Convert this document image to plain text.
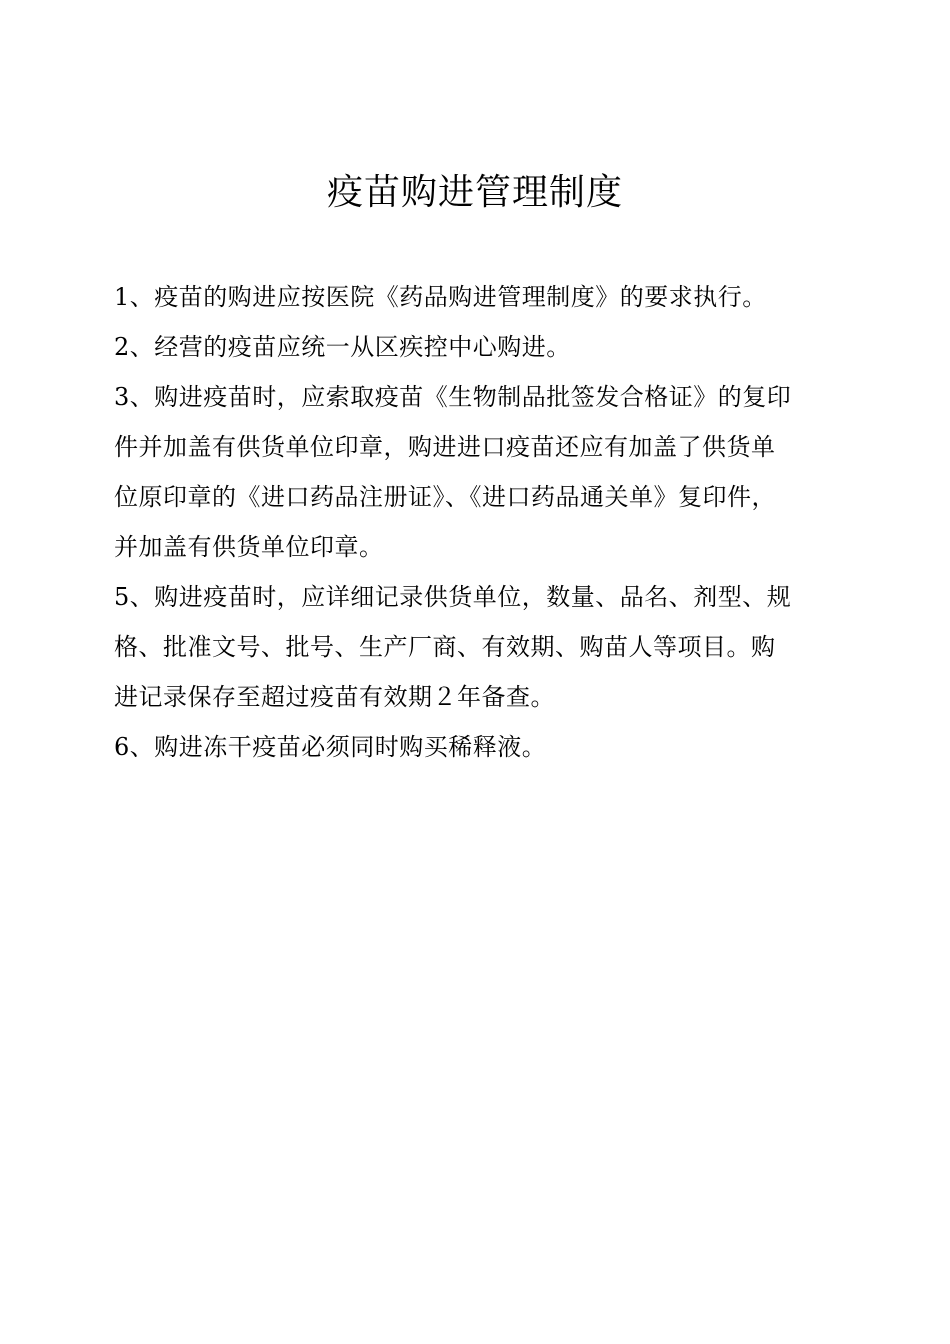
疫苗购进管理制度
1、疫苗的购进应按医院《药品购进管理制度》的要求执行。
2、经营的疫苗应统一从区疾控中心购进。
3、购进疫苗时，应索取疫苗《生物制品批签发合格证》的复印
件并加盖有供货单位印章，购进进口疫苗还应有加盖了供货单
位原印章的《进口药品注册证》、《进口药品通关单》复印件，
并加盖有供货单位印章。
5、购进疫苗时，应详细记录供货单位，数量、品名、剂型、规
格、批准文号、批号、生产厂商、有效期、购苗人等项目。购
进记录保存至超过疫苗有效期２年备查。
6、购进冻干疫苗必须同时购买稀释液。
